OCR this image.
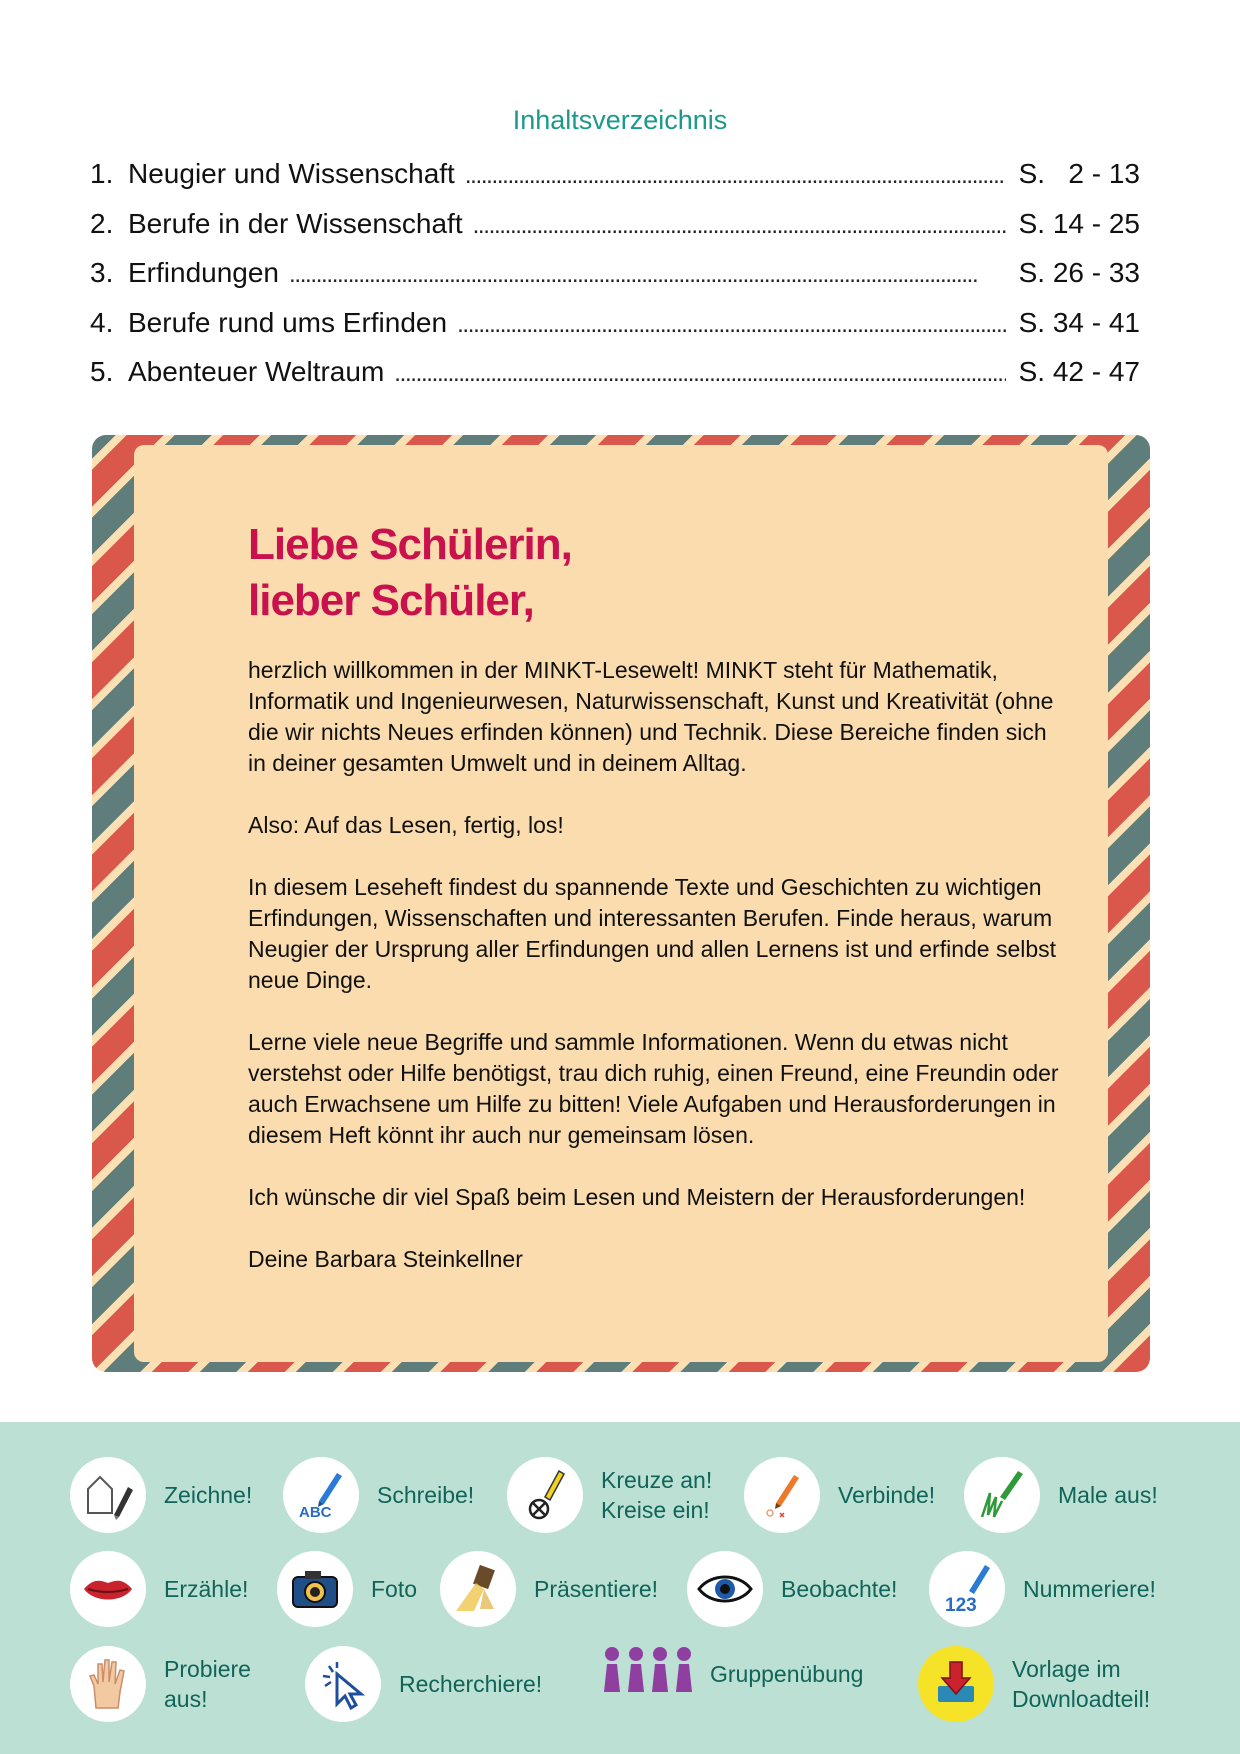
Inhaltsverzeichnis
1. Neugier und Wissenschaft . . .	S.   2 - 13
2. Berufe in der Wissenschaft . . .	S. 14 - 25
3. Erfindungen . . .	S. 26 - 33
4. Berufe rund ums Erfinden . . .	S. 34 - 41
5. Abenteuer Weltraum . . .	S. 42 - 47
Liebe Schülerin,
lieber Schüler,

herzlich willkommen in der MINKT-Lesewelt! MINKT steht für Mathematik, Informatik und Ingenieurwesen, Naturwissenschaft, Kunst und Kreativität (ohne die wir nichts Neues erfinden können) und Technik. Diese Bereiche finden sich in deiner gesamten Umwelt und in deinem Alltag.

Also: Auf das Lesen, fertig, los!

In diesem Leseheft findest du spannende Texte und Geschichten zu wichtigen Erfindungen, Wissenschaften und interessanten Berufen. Finde heraus, warum Neugier der Ursprung aller Erfindungen und allen Lernens ist und erfinde selbst neue Dinge.

Lerne viele neue Begriffe und sammle Informationen. Wenn du etwas nicht verstehst oder Hilfe benötigst, trau dich ruhig, einen Freund, eine Freundin oder auch Erwachsene um Hilfe zu bitten! Viele Aufgaben und Herausforderungen in diesem Heft könnt ihr auch nur gemeinsam lösen.

Ich wünsche dir viel Spaß beim Lesen und Meistern der Herausforderungen!

Deine Barbara Steinkellner

Zeichne!
ABC
Schreibe!
Kreuze an!
Kreise ein!
Verbinde!	Male aus!
Erzähle!	Foto	Präsentiere!	Beobachte!
123
Nummeriere!
Probiere
aus!
Recherchiere!	Gruppenübung	Vorlage im
Downloadteil!
